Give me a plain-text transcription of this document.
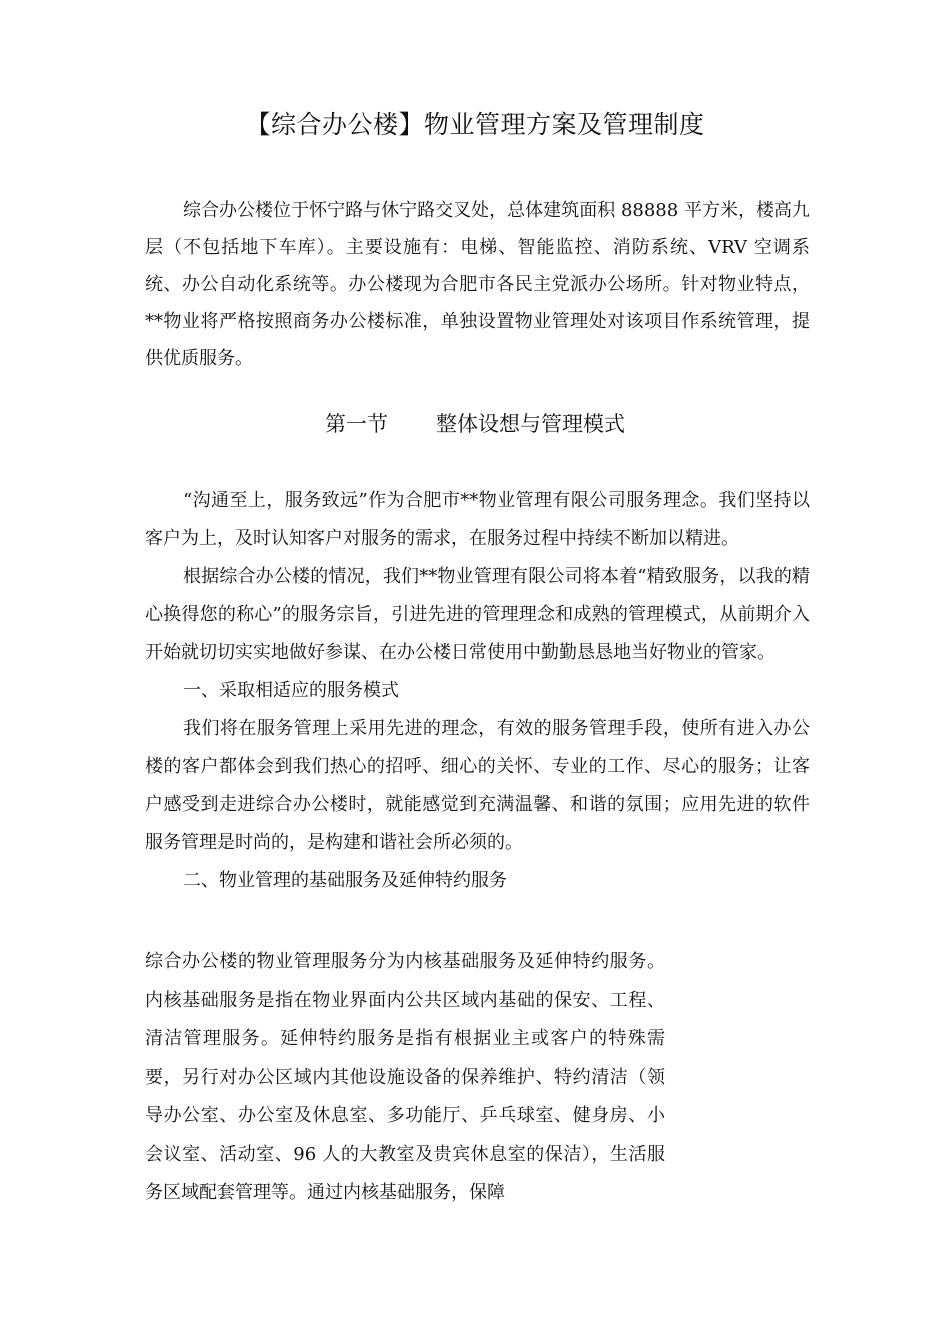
【综合办公楼】物业管理方案及管理制度

综合办公楼位于怀宁路与休宁路交叉处，总体建筑面积 88888 平方米，楼高九层（不包括地下车库）。主要设施有：电梯、智能监控、消防系统、VRV 空调系统、办公自动化系统等。办公楼现为合肥市各民主党派办公场所。针对物业特点，**物业将严格按照商务办公楼标准，单独设置物业管理处对该项目作系统管理，提供优质服务。

第一节 整体设想与管理模式

“沟通至上，服务致远”作为合肥市**物业管理有限公司服务理念。我们坚持以客户为上，及时认知客户对服务的需求，在服务过程中持续不断加以精进。

根据综合办公楼的情况，我们**物业管理有限公司将本着“精致服务，以我的精心换得您的称心”的服务宗旨，引进先进的管理理念和成熟的管理模式，从前期介入开始就切切实实地做好参谋、在办公楼日常使用中勤勤恳恳地当好物业的管家。

一、采取相适应的服务模式

我们将在服务管理上采用先进的理念，有效的服务管理手段，使所有进入办公楼的客户都体会到我们热心的招呼、细心的关怀、专业的工作、尽心的服务；让客户感受到走进综合办公楼时，就能感觉到充满温馨、和谐的氛围；应用先进的软件服务管理是时尚的，是构建和谐社会所必须的。

二、物业管理的基础服务及延伸特约服务

综合办公楼的物业管理服务分为内核基础服务及延伸特约服务。内核基础服务是指在物业界面内公共区域内基础的保安、工程、清洁管理服务。延伸特约服务是指有根据业主或客户的特殊需要，另行对办公区域内其他设施设备的保养维护、特约清洁（领导办公室、办公室及休息室、多功能厅、乒乓球室、健身房、小会议室、活动室、96 人的大教室及贵宾休息室的保洁），生活服务区域配套管理等。通过内核基础服务，保障
